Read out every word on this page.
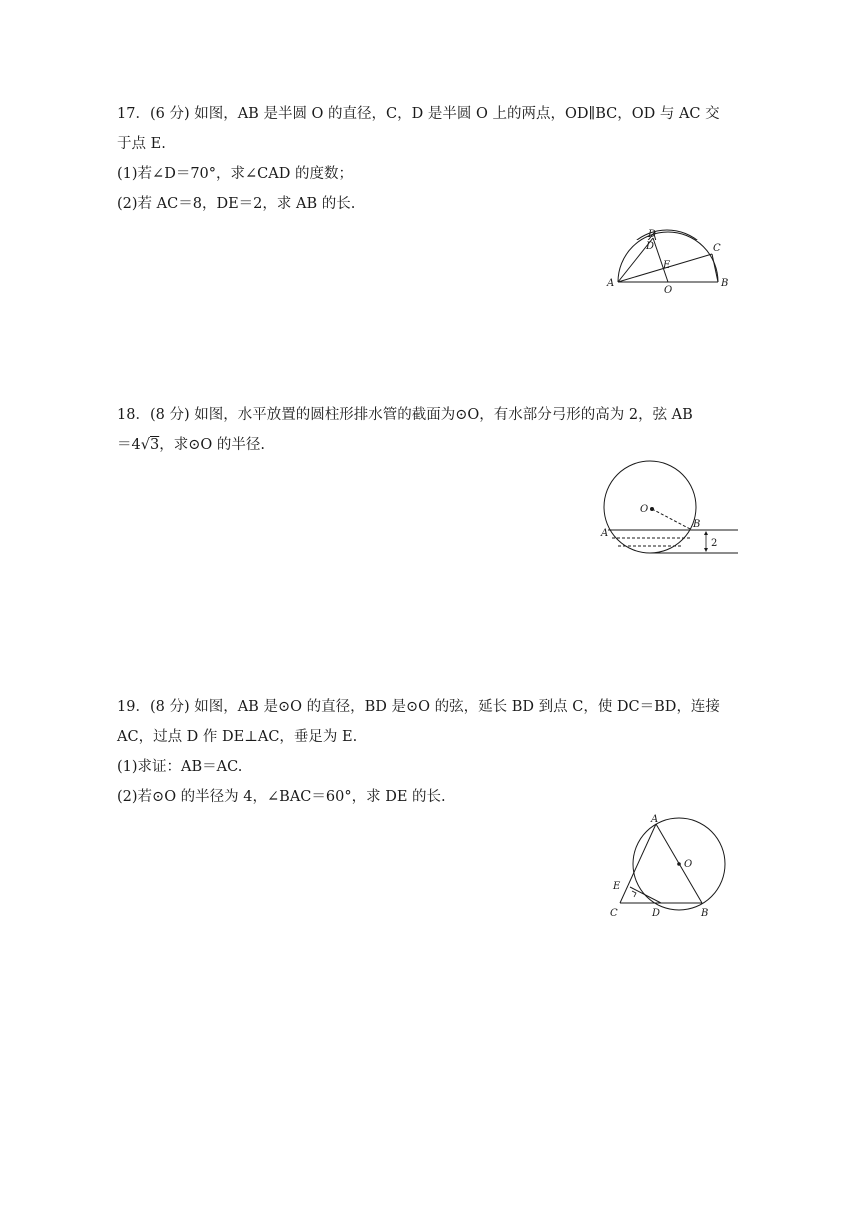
17．(6 分) 如图，AB 是半圆 O 的直径，C，D 是半圆 O 上的两点，OD∥BC，OD 与 AC 交
于点 E.
(1)若∠D＝70°，求∠CAD 的度数；
(2)若 AC＝8，DE＝2，求 AB 的长.
D
A	B
C
D
E
O
18．(8 分) 如图，水平放置的圆柱形排水管的截面为⊙O，有水部分弓形的高为 2，弦 AB
＝4√3，求⊙O 的半径.
O
A
B
2
19．(8 分) 如图，AB 是⊙O 的直径，BD 是⊙O 的弦，延长 BD 到点 C，使 DC＝BD，连接
AC，过点 D 作 DE⊥AC，垂足为 E.
(1)求证：AB＝AC.
(2)若⊙O 的半径为 4，∠BAC＝60°，求 DE 的长.
A
O
E
C	D	B
